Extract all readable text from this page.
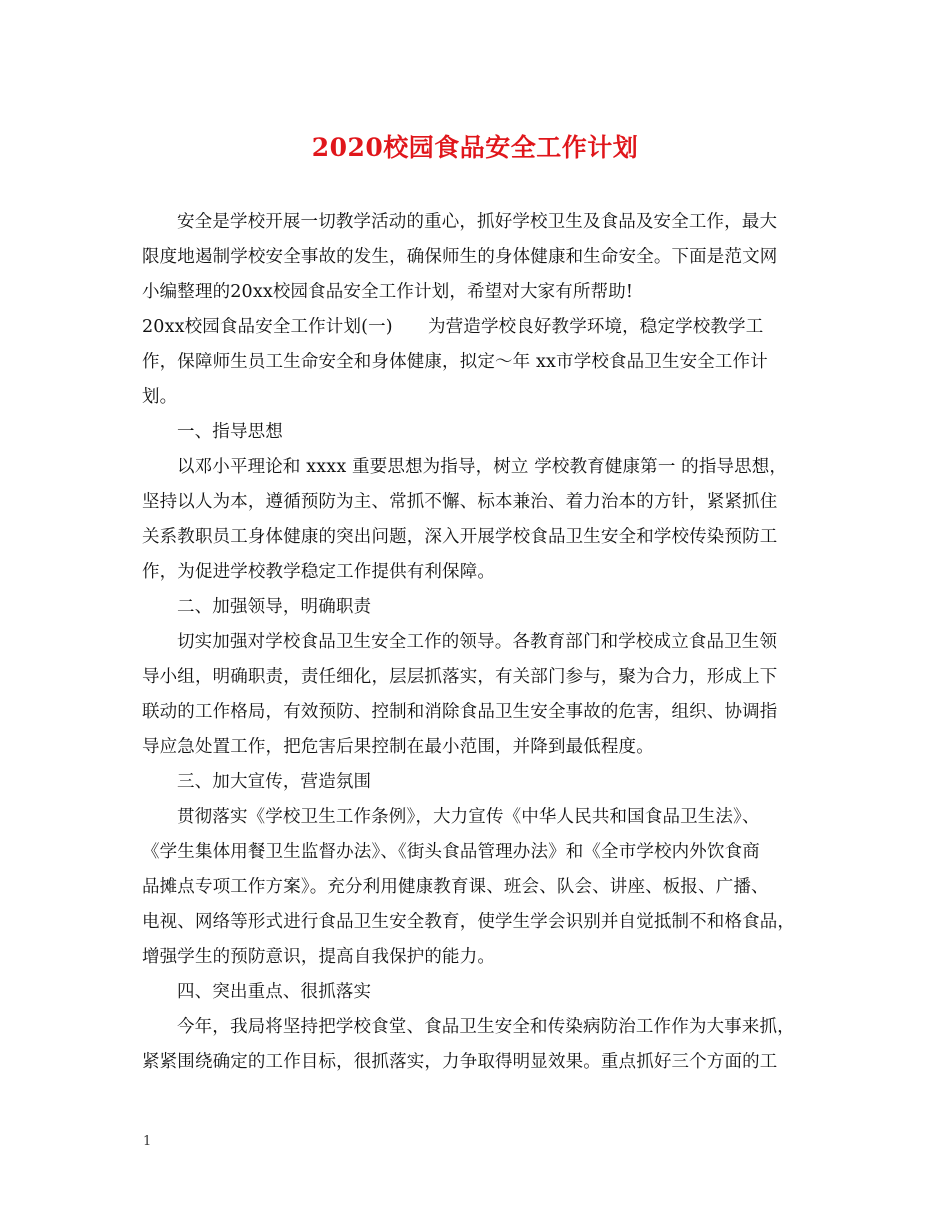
2020校园食品安全工作计划
安全是学校开展一切教学活动的重心，抓好学校卫生及食品及安全工作，最大
限度地遏制学校安全事故的发生，确保师生的身体健康和生命安全。下面是范文网
小编整理的20xx校园食品安全工作计划，希望对大家有所帮助!
20xx校园食品安全工作计划(一)　　为营造学校良好教学环境，稳定学校教学工
作，保障师生员工生命安全和身体健康，拟定～年 xx市学校食品卫生安全工作计
划。
一、指导思想
以邓小平理论和 xxxx 重要思想为指导，树立 学校教育健康第一 的指导思想，
坚持以人为本，遵循预防为主、常抓不懈、标本兼治、着力治本的方针，紧紧抓住
关系教职员工身体健康的突出问题，深入开展学校食品卫生安全和学校传染预防工
作，为促进学校教学稳定工作提供有利保障。
二、加强领导，明确职责
切实加强对学校食品卫生安全工作的领导。各教育部门和学校成立食品卫生领
导小组，明确职责，责任细化，层层抓落实，有关部门参与，聚为合力，形成上下
联动的工作格局，有效预防、控制和消除食品卫生安全事故的危害，组织、协调指
导应急处置工作，把危害后果控制在最小范围，并降到最低程度。
三、加大宣传，营造氛围
贯彻落实《学校卫生工作条例》，大力宣传《中华人民共和国食品卫生法》、
《学生集体用餐卫生监督办法》、《街头食品管理办法》和《全市学校内外饮食商
品摊点专项工作方案》。充分利用健康教育课、班会、队会、讲座、板报、广播、
电视、网络等形式进行食品卫生安全教育，使学生学会识别并自觉抵制不和格食品，
增强学生的预防意识，提高自我保护的能力。
四、突出重点、很抓落实
今年，我局将坚持把学校食堂、食品卫生安全和传染病防治工作作为大事来抓，
紧紧围绕确定的工作目标，很抓落实，力争取得明显效果。重点抓好三个方面的工
1
